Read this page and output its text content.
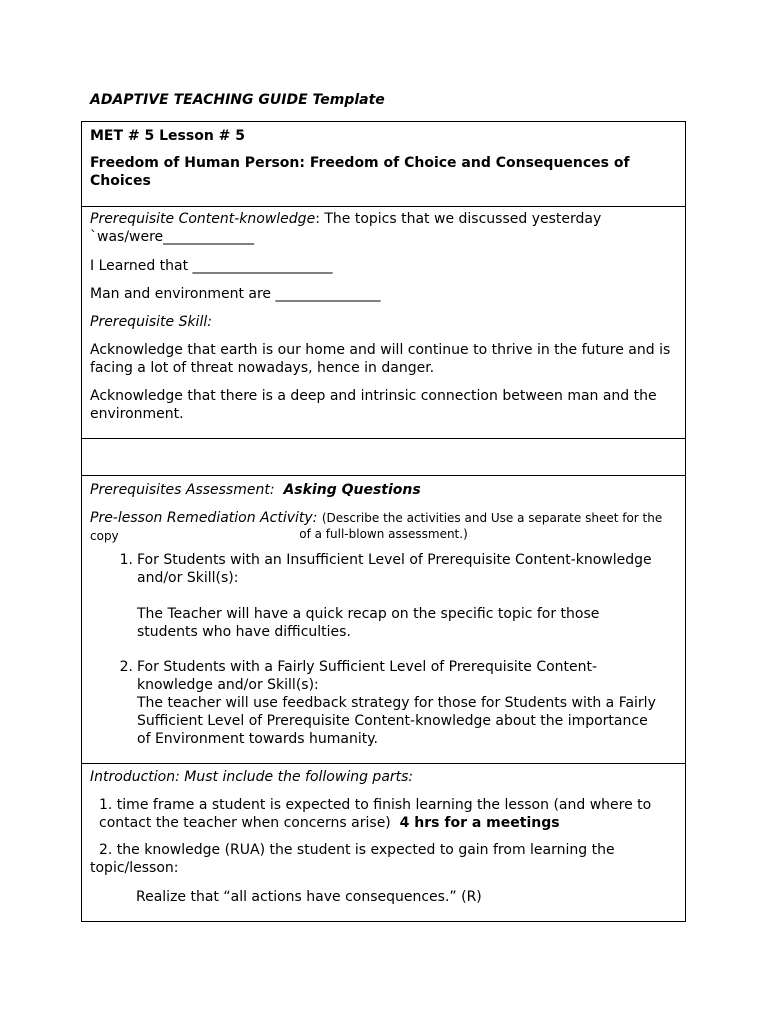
ADAPTIVE TEACHING GUIDE Template

MET # 5 Lesson # 5

Freedom of Human Person: Freedom of Choice and Consequences of Choices

Prerequisite Content-knowledge: The topics that we discussed yesterday `was/were_____________

I Learned that ____________________

Man and environment are _______________

Prerequisite Skill:

Acknowledge that earth is our home and will continue to thrive in the future and is facing a lot of threat nowadays, hence in danger.

Acknowledge that there is a deep and intrinsic connection between man and the environment.

Prerequisites Assessment: Asking Questions

Pre-lesson Remediation Activity: (Describe the activities and Use a separate sheet for the copy	of a full-blown assessment.)

1. For Students with an Insufficient Level of Prerequisite Content-knowledge and/or Skill(s):

The Teacher will have a quick recap on the specific topic for those students who have difficulties.

2. For Students with a Fairly Sufficient Level of Prerequisite Content-knowledge and/or Skill(s):

The teacher will use feedback strategy for those for Students with a Fairly Sufficient Level of Prerequisite Content-knowledge about the importance of Environment towards humanity.

Introduction: Must include the following parts:

1. time frame a student is expected to finish learning the lesson (and where to contact the teacher when concerns arise) 4 hrs for a meetings

2. the knowledge (RUA) the student is expected to gain from learning the topic/lesson:

Realize that “all actions have consequences.” (R)
